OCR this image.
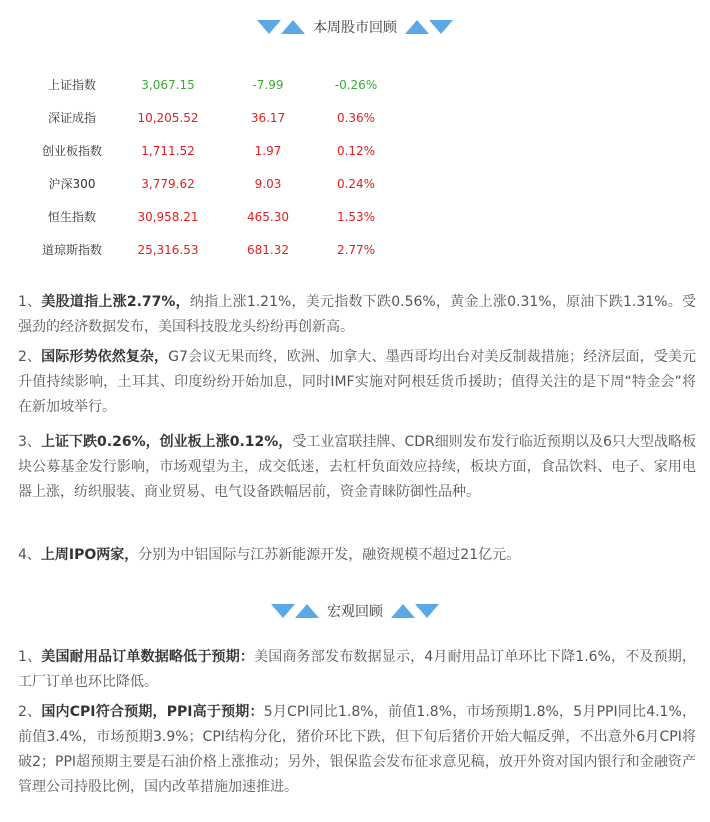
本周股市回顾
上证指数	3,067.15	-7.99	-0.26%
深证成指	10,205.52	36.17	0.36%
创业板指数	1,711.52	1.97	0.12%
沪深300	3,779.62	9.03	0.24%
恒生指数	30,958.21	465.30	1.53%
道琼斯指数	25,316.53	681.32	2.77%
1、美股道指上涨2.77%，纳指上涨1.21%，美元指数下跌0.56%，黄金上涨0.31%，原油下跌1.31%。受强劲的经济数据发布，美国科技股龙头纷纷再创新高。
2、国际形势依然复杂，G7会议无果而终，欧洲、加拿大、墨西哥均出台对美反制裁措施；经济层面，受美元升值持续影响，土耳其、印度纷纷开始加息，同时IMF实施对阿根廷货币援助；值得关注的是下周“特金会”将在新加坡举行。
3、上证下跌0.26%，创业板上涨0.12%，受工业富联挂牌、CDR细则发布发行临近预期以及6只大型战略板块公募基金发行影响，市场观望为主，成交低迷，去杠杆负面效应持续，板块方面，食品饮料、电子、家用电器上涨，纺织服装、商业贸易、电气设备跌幅居前，资金青睐防御性品种。
4、上周IPO两家，分别为中铝国际与江苏新能源开发，融资规模不超过21亿元。
宏观回顾
1、美国耐用品订单数据略低于预期：美国商务部发布数据显示，4月耐用品订单环比下降1.6%，不及预期，工厂订单也环比降低。
2、国内CPI符合预期，PPI高于预期：5月CPI同比1.8%，前值1.8%，市场预期1.8%，5月PPI同比4.1%，前值3.4%，市场预期3.9%；CPI结构分化，猪价环比下跌，但下旬后猪价开始大幅反弹，不出意外6月CPI将破2；PPI超预期主要是石油价格上涨推动；另外，银保监会发布征求意见稿，放开外资对国内银行和金融资产管理公司持股比例，国内改革措施加速推进。
